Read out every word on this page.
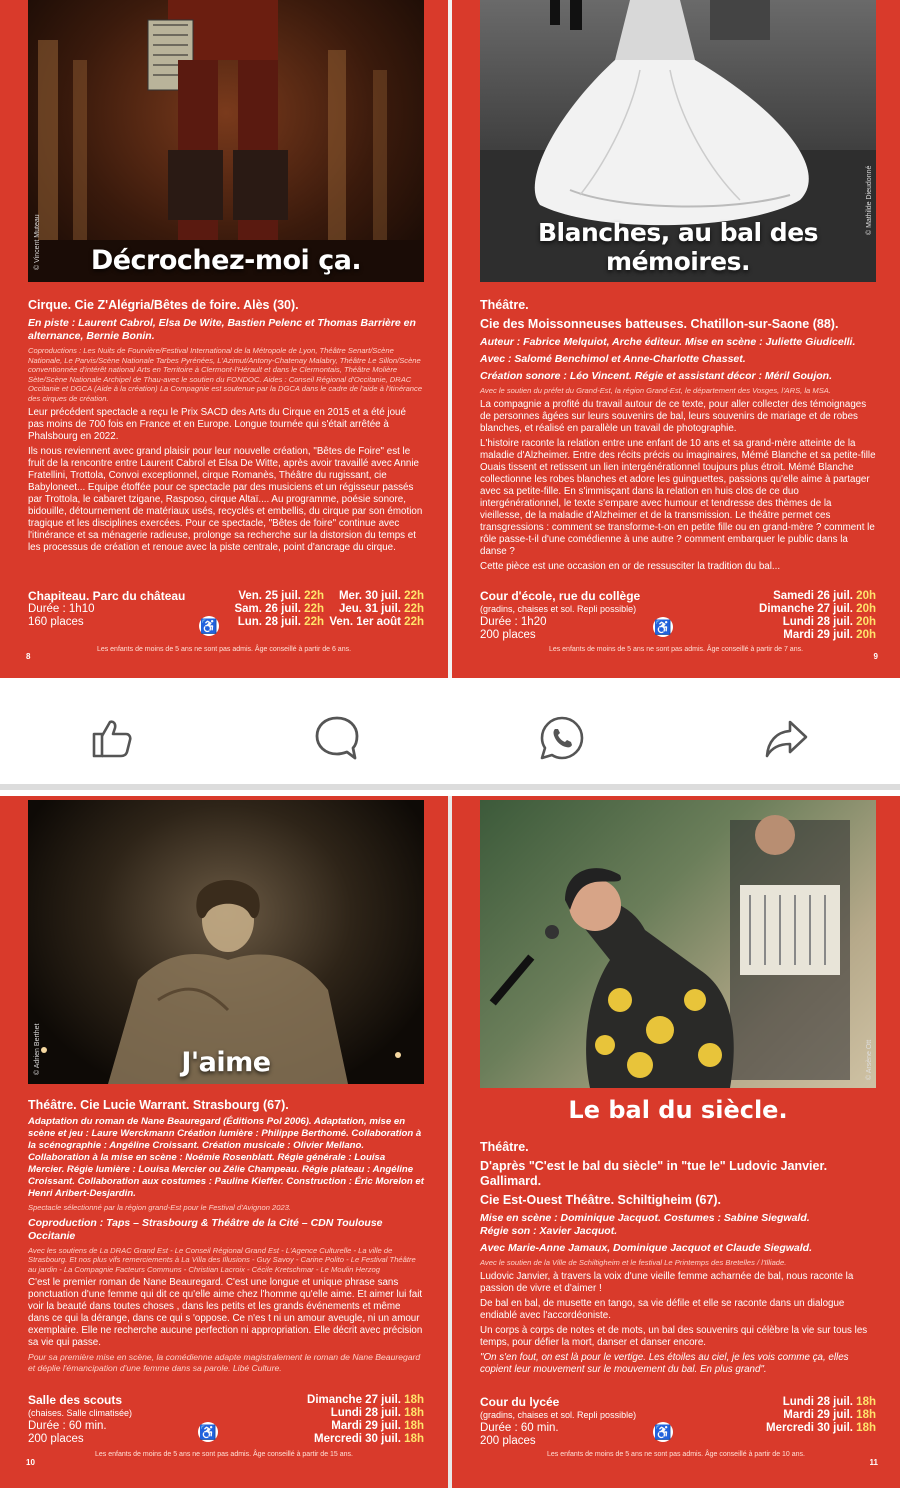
© Vincent Muteau	Décrochez-moi ça.
Cirque. Cie Z'Alégria/Bêtes de foire. Alès (30).
En piste : Laurent Cabrol, Elsa De Wite, Bastien Pelenc et Thomas Barrière en alternance, Bernie Bonin.
Coproductions : Les Nuits de Fourvière/Festival International de la Métropole de Lyon, Théâtre Senart/Scène Nationale, Le Parvis/Scène Nationale Tarbes Pyrénées, L'Azimut/Antony-Chatenay Malabry, Théâtre Le Sillon/Scène conventionnée d'intérêt national Arts en Territoire à Clermont-l'Hérault et dans le Clermontais, Théâtre Molière Sète/Scène Nationale Archipel de Thau-avec le soutien du FONDOC. Aides : Conseil Régional d'Occitanie, DRAC Occitanie et DGCA (Aide à la création) La Compagnie est soutenue par la DGCA dans le cadre de l'aide à l'itinérance des cirques de création.
Leur précédent spectacle a reçu le Prix SACD des Arts du Cirque en 2015 et a été joué pas moins de 700 fois en France et en Europe. Longue tournée qui s'était arrêtée à Phalsbourg en 2022.
Ils nous reviennent avec grand plaisir pour leur nouvelle création, "Bêtes de Foire" est le fruit de la rencontre entre Laurent Cabrol et Elsa De Witte, après avoir travaillé avec Annie Fratellini, Trottola, Convoi exceptionnel, cirque Romanès, Théâtre du rugissant, cie Babyloneet... Equipe étoffée pour ce spectacle par des musiciens et un régisseur passés par Trottola, le cabaret tzigane, Rasposo, cirque Altaï.... Au programme, poésie sonore, bidouille, détournement de matériaux usés, recyclés et embellis, du cirque par son émotion tragique et les disciplines exercées. Pour ce spectacle, "Bêtes de foire" continue avec l'itinérance et sa ménagerie radieuse, prolonge sa recherche sur la distorsion du temps et les processus de création et renoue avec la piste centrale, point d'ancrage du cirque.
Chapiteau. Parc du château
Durée : 1h10
160 places
Ven. 25 juil. 22h
Sam. 26 juil. 22h
Lun. 28 juil. 22h
Mer. 30 juil. 22h
Jeu. 31 juil. 22h
Ven. 1er août 22h
♿
Les enfants de moins de 5 ans ne sont pas admis. Âge conseillé à partir de 6 ans.
8
© Mathilde Dieudonné
Blanches, au bal des mémoires.
Théâtre.
Cie des Moissonneuses batteuses. Chatillon-sur-Saone (88).
Auteur : Fabrice Melquiot, Arche éditeur. Mise en scène : Juliette Giudicelli.
Avec : Salomé Benchimol et Anne-Charlotte Chasset.
Création sonore : Léo Vincent. Régie et assistant décor : Méril Goujon.
Avec le soutien du préfet du Grand-Est, la région Grand-Est, le département des Vosges, l'ARS, la MSA.
La compagnie a profité du travail autour de ce texte, pour aller collecter des témoignages de personnes âgées sur leurs souvenirs de bal, leurs souvenirs de mariage et de robes blanches, et réalisé en parallèle un travail de photographie.
L'histoire raconte la relation entre une enfant de 10 ans et sa grand-mère atteinte de la maladie d'Alzheimer. Entre des récits précis ou imaginaires, Mémé Blanche et sa petite-fille Ouais tissent et retissent un lien intergénérationnel toujours plus étroit. Mémé Blanche collectionne les robes blanches et adore les guinguettes, passions qu'elle aime à partager avec sa petite-fille. En s'immisçant dans la relation en huis clos de ce duo intergénérationnel, le texte s'empare avec humour et tendresse des thèmes de la vieillesse, de la maladie d'Alzheimer et de la transmission. Le théâtre permet ces transgressions : comment se transforme-t-on en petite fille ou en grand-mère ? comment le rôle passe-t-il d'une comédienne à une autre ? comment embarquer le public dans la danse ?
Cette pièce est une occasion en or de ressusciter la tradition du bal...
Cour d'école, rue du collège
(gradins, chaises et sol. Repli possible)
Durée : 1h20
200 places
Samedi 26 juil. 20h
Dimanche 27 juil. 20h
Lundi 28 juil. 20h
Mardi 29 juil. 20h
♿
Les enfants de moins de 5 ans ne sont pas admis. Âge conseillé à partir de 7 ans.
9
© Adrien Berthet	J'aime
Théâtre. Cie Lucie Warrant. Strasbourg (67).
Adaptation du roman de Nane Beauregard (Éditions Pol 2006). Adaptation, mise en scène et jeu : Laure Werckmann Création lumière : Philippe Berthomé. Collaboration à la scénographie : Angéline Croissant. Création musicale : Olivier Mellano. Collaboration à la mise en scène : Noémie Rosenblatt. Régie générale : Louisa Mercier. Régie lumière : Louisa Mercier ou Zélie Champeau. Régie plateau : Angéline Croissant. Collaboration aux costumes : Pauline Kieffer. Construction : Éric Morelon et Henri Aribert-Desjardin.
Spectacle sélectionné par la région grand-Est pour le Festival d'Avignon 2023.
Coproduction : Taps – Strasbourg & Théâtre de la Cité – CDN Toulouse Occitanie
Avec les soutiens de La DRAC Grand Est - Le Conseil Régional Grand Est - L'Agence Culturelle - La ville de Strasbourg. Et nos plus vifs remerciements à La Villa des Illusions - Guy Savoy - Carine Polito - Le Festival Théâtre au jardin - La Compagnie Facteurs Communs - Christian Lacroix - Cécile Kretschmar - Le Moulin Herzog
C'est le premier roman de Nane Beauregard. C'est une longue et unique phrase sans ponctuation d'une femme qui dit ce qu'elle aime chez l'homme qu'elle aime. Et aimer lui fait voir la beauté dans toutes choses , dans les petits et les grands événements et même dans ce qui la dérange, dans ce qui s 'oppose. Ce n'es t ni un amour aveugle, ni un amour exemplaire. Elle ne recherche aucune perfection ni appropriation. Elle décrit avec précision sa vie qui passe.
Pour sa première mise en scène, la comédienne adapte magistralement le roman de Nane Beauregard et déplie l'émancipation d'une femme dans sa parole. Libé Culture.
Salle des scouts
(chaises. Salle climatisée)
Durée : 60 min.
200 places
Dimanche 27 juil. 18h
Lundi 28 juil. 18h
Mardi 29 juil. 18h
Mercredi 30 juil. 18h
♿
Les enfants de moins de 5 ans ne sont pas admis. Âge conseillé à partir de 15 ans.
10
© Arsène Ott
Le bal du siècle.
Théâtre.
D'après "C'est le bal du siècle" in "tue le" Ludovic Janvier. Gallimard.
Cie Est-Ouest Théâtre. Schiltigheim (67).
Mise en scène : Dominique Jacquot. Costumes : Sabine Siegwald.
Régie son : Xavier Jacquot.
Avec Marie-Anne Jamaux, Dominique Jacquot et Claude Siegwald.
Avec le soutien de la Ville de Schiltigheim et le festival Le Printemps des Bretelles / l'Illiade.
Ludovic Janvier, à travers la voix d'une vieille femme acharnée de bal, nous raconte la passion de vivre et d'aimer !
De bal en bal, de musette en tango, sa vie défile et elle se raconte dans un dialogue endiablé avec l'accordéoniste.
Un corps à corps de notes et de mots, un bal des souvenirs qui célèbre la vie sur tous les temps, pour défier la mort, danser et danser encore.
"On s'en fout, on est là pour le vertige. Les étoiles au ciel, je les vois comme ça, elles copient leur mouvement sur le mouvement du bal. En plus grand".
Cour du lycée
(gradins, chaises et sol. Repli possible)
Durée : 60 min.
200 places
Lundi 28 juil. 18h
Mardi 29 juil. 18h
Mercredi 30 juil. 18h
♿
Les enfants de moins de 5 ans ne sont pas admis. Âge conseillé à partir de 10 ans.
11
